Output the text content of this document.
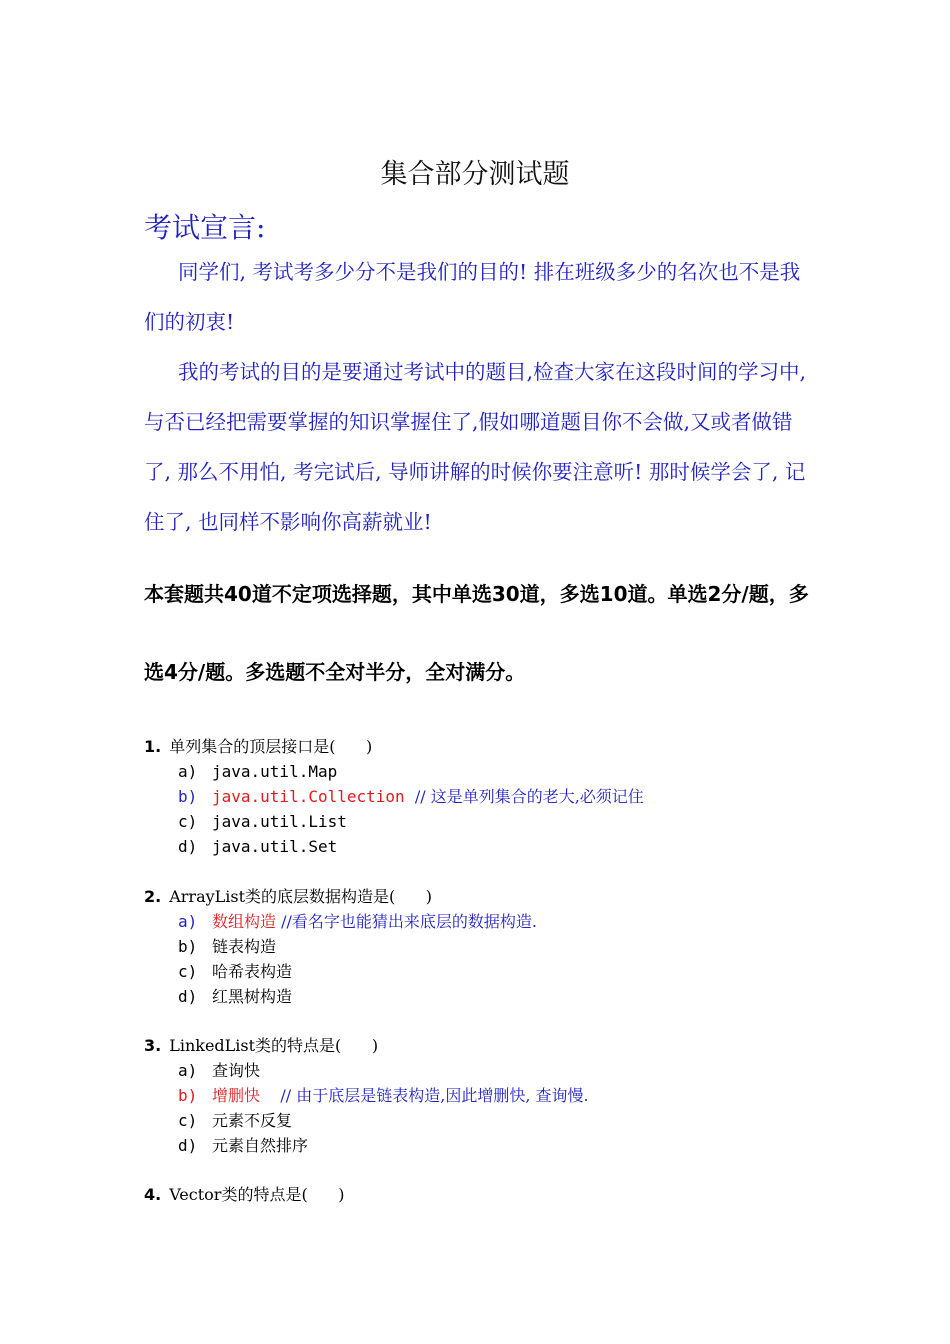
集合部分测试题
考试宣言:

同学们, 考试考多少分不是我们的目的! 排在班级多少的名次也不是我们的初衷!

我的考试的目的是要通过考试中的题目,检查大家在这段时间的学习中,与否已经把需要掌握的知识掌握住了,假如哪道题目你不会做,又或者做错了, 那么不用怕, 考完试后, 导师讲解的时候你要注意听! 那时候学会了, 记住了, 也同样不影响你高薪就业!

本套题共40道不定项选择题，其中单选30道，多选10道。单选2分/题，多选4分/题。多选题不全对半分，全对满分。

1. 单列集合的顶层接口是(      )
a) java.util.Map
b) java.util.Collection  // 这是单列集合的老大,必须记住
c) java.util.List
d) java.util.Set
2. ArrayList类的底层数据构造是(      )
a) 数组构造 //看名字也能猜出来底层的数据构造.
b) 链表构造
c) 哈希表构造
d) 红黑树构造
3. LinkedList类的特点是(      )
a) 查询快
b) 增删快    // 由于底层是链表构造,因此增删快, 查询慢.
c) 元素不反复
d) 元素自然排序
4. Vector类的特点是(      )
